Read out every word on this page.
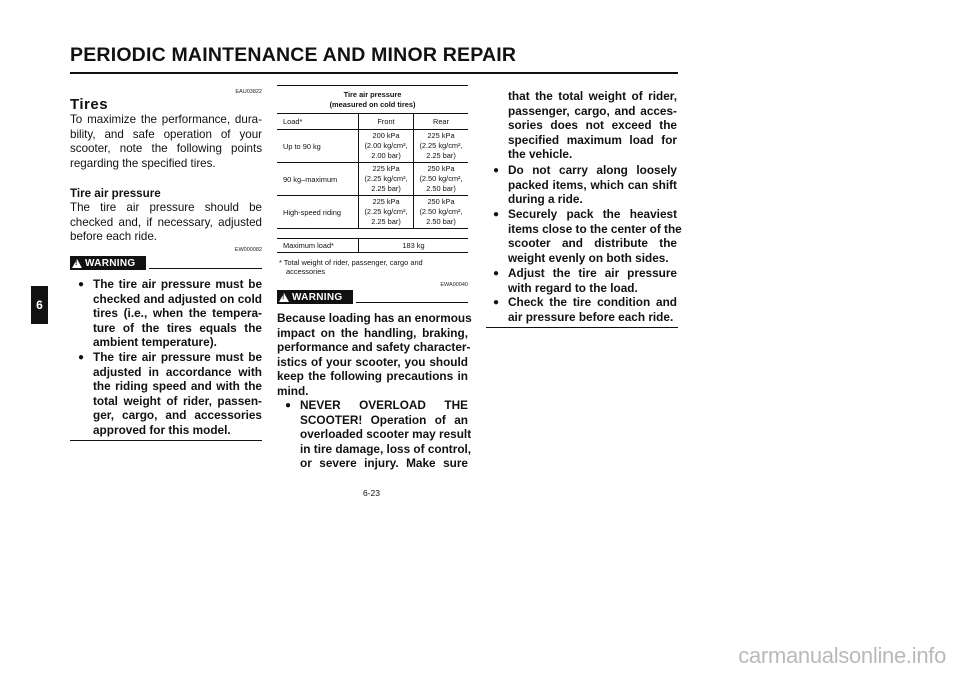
PERIODIC MAINTENANCE AND MINOR REPAIR
6
EAU03822
Tires
To maximize the performance, dura-
bility, and safe operation of your
scooter, note the following points
regarding the specified tires.
Tire air pressure
The tire air pressure should be
checked and, if necessary, adjusted
before each ride.
EW000082
!
WARNING
● The tire air pressure must be
checked and adjusted on cold
tires (i.e., when the tempera-
ture of the tires equals the
ambient temperature).
● The tire air pressure must be
adjusted in accordance with
the riding speed and with the
total weight of rider, passen-
ger, cargo, and accessories
approved for this model.
Tire air pressure
(measured on cold tires)		
Load*	Front	Rear
Up to 90 kg	200 kPa
(2.00 kg/cm²,
2.00 bar)	225 kPa
(2.25 kg/cm²,
2.25 bar)
90 kg–maximum	225 kPa
(2.25 kg/cm²,
2.25 bar)	250 kPa
(2.50 kg/cm²,
2.50 bar)
High-speed riding	225 kPa
(2.25 kg/cm²,
2.25 bar)	250 kPa
(2.50 kg/cm²,
2.50 bar)

Maximum load*	183 kg	
* Total weight of rider, passenger, cargo and
accessories
EWA00040
!
WARNING
Because loading has an enormous
impact on the handling, braking,
performance and safety character-
istics of your scooter, you should
keep the following precautions in
mind.
● NEVER OVERLOAD THE
SCOOTER! Operation of an
overloaded scooter may result
in tire damage, loss of control,
or severe injury. Make sure
that the total weight of rider,
passenger, cargo, and acces-
sories does not exceed the
specified maximum load for
the vehicle.
● Do not carry along loosely
packed items, which can shift
during a ride.
● Securely pack the heaviest
items close to the center of the
scooter and distribute the
weight evenly on both sides.
● Adjust the tire air pressure
with regard to the load.
● Check the tire condition and
air pressure before each ride.
6-23
carmanualsonline.info
